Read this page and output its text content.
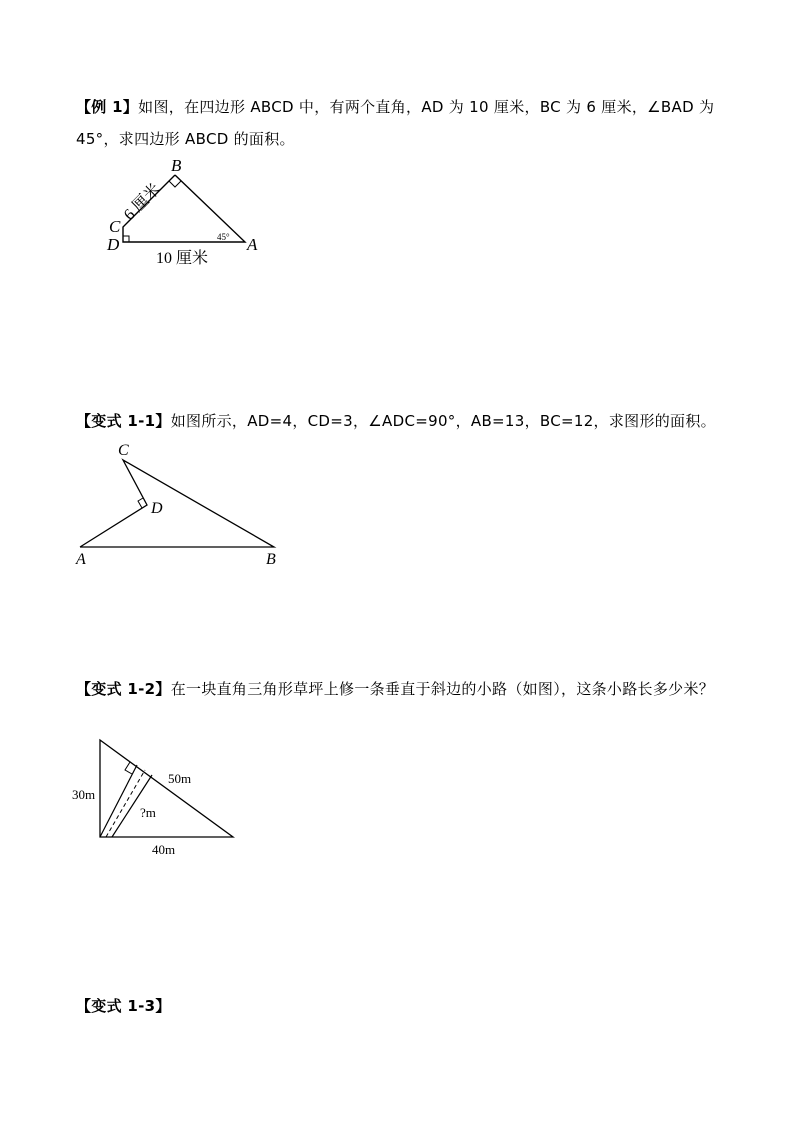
【例 1】如图，在四边形 ABCD 中，有两个直角，AD 为 10 厘米，BC 为 6 厘米，∠BAD 为 45°，求四边形 ABCD 的面积。
B
C
D	A
6 厘米
10 厘米
45°
【变式 1-1】如图所示，AD=4，CD=3，∠ADC=90°，AB=13，BC=12，求图形的面积。
C
D
A	B
【变式 1-2】在一块直角三角形草坪上修一条垂直于斜边的小路（如图），这条小路长多少米？
30m
50m
?m
40m
【变式 1-3】
